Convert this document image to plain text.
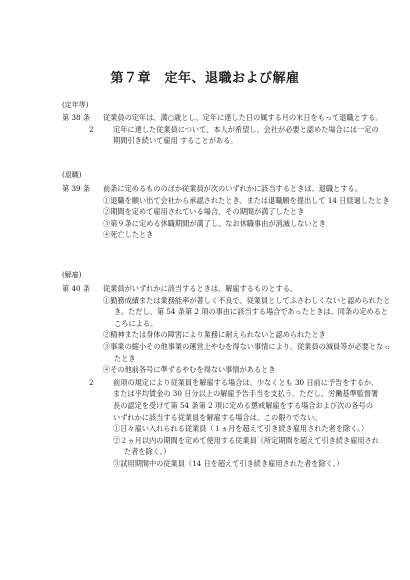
第７章　定年、退職および解雇
(定年等)
第 38 条 従業員の定年は、満○歳とし、定年に達した日の属する月の末日をもって退職とする。

2	定年に達した従業員について、本人が希望し、会社が必要と認めた場合には一定の期間引き続いて雇用 することがある。

(退職)
第 39 条 前条に定めるもののほか従業員が次のいずれかに該当するときは、退職とする。

①退職を願い出て会社から承認されたとき、または退職願を提出して 14 日経過したとき

②期間を定めて雇用されている場合、その期間が満了したとき

③第９条に定める休職期間が満了し、なお休職事由が消滅しないとき

④死亡したとき

(解雇)
第 40 条 従業員がいずれかに該当するときは、解雇するものとする。

①勤務成績または業務能率が著しく不良で、従業員としてふさわしくないと認められたとき。ただし、第 54 条第 2 項の事由に該当する場合であったときは、同条の定めるところによる。

②精神または身体の障害により業務に耐えられないと認められたとき

③事業の縮小その他事業の運営上やむを得ない事情により、従業員の減員等が必要となったとき

④その他前各号に準ずるやむを得ない事情があるとき

2	前項の規定により従業員を解雇する場合は、少なくとも 30 日前に予告をするか、または平均賃金の 30 日分以上の解雇予告手当を支払う。ただし、労働基準監督署長の認定を受けて第 54 条第 2 項に定める懲戒解雇をする場合および次の各号のいずれかに該当する従業員を解雇する場合は、この限りでない。

①日々雇い入れられる従業員（１ヵ月を超えて引き続き雇用された者を除く。）

②２ヵ月以内の期間を定めて使用する従業員（所定期間を超えて引き続き雇用された者を除く。）

③試用期間中の従業員（14 日を超えて引き続き雇用された者を除く。）
